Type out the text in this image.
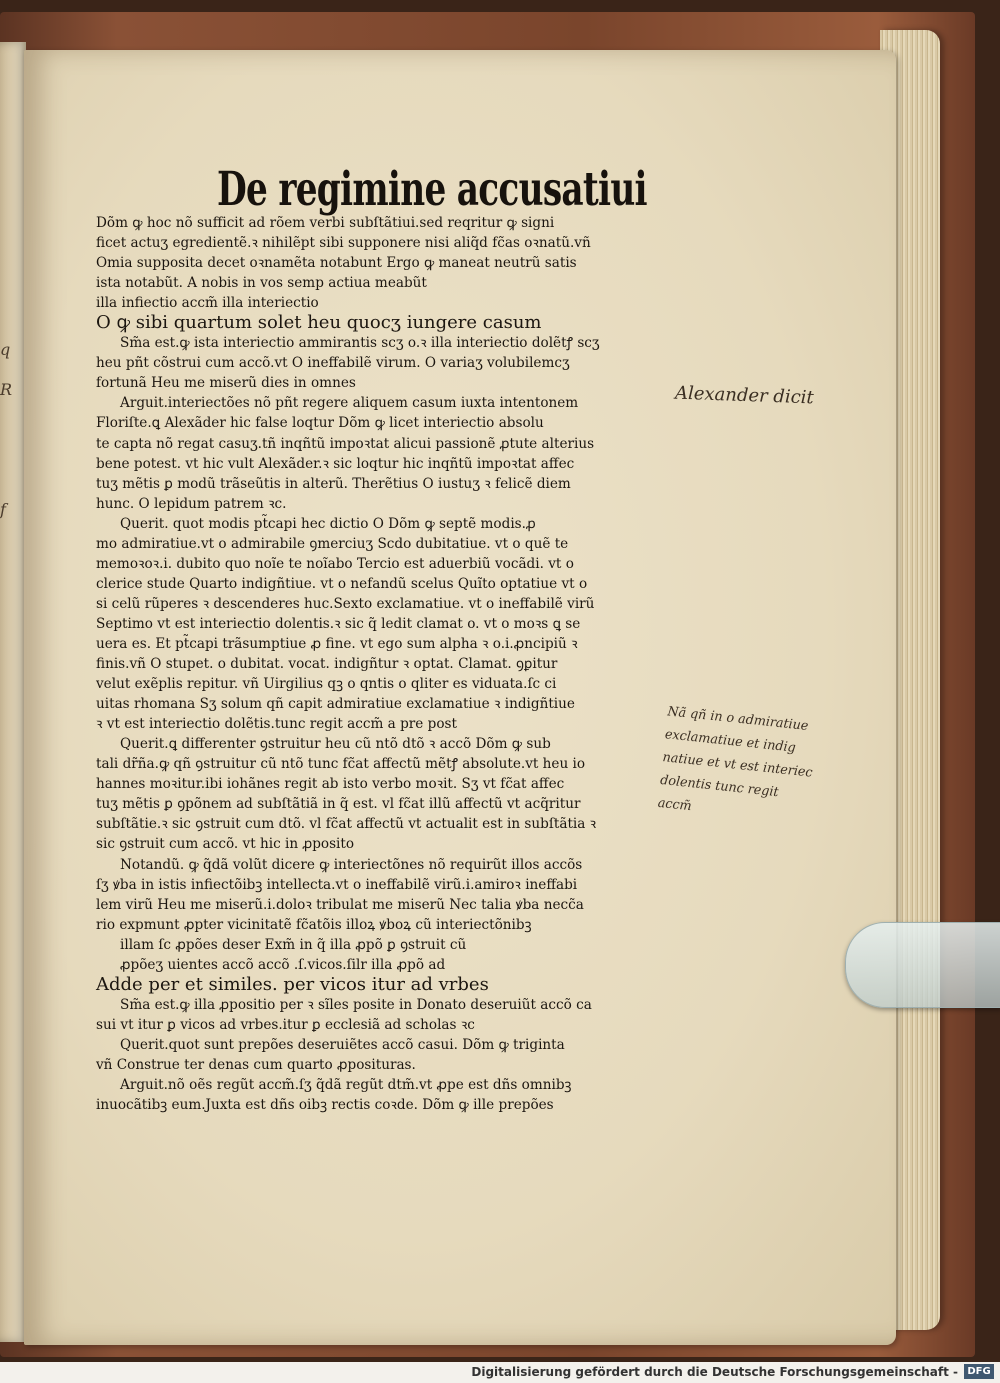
q
R
f
De regimine accusatiui
Dõm ꝙ hoc nõ sufficit ad rõem verbi subſtãtiui.sed reqritur ꝙ signi
ficet actuʒ egredientẽ.ꝛ nihilẽpt sibi supponere nisi aliq̃d fc̃as oꝛnatũ.vñ
Omia supposita decet oꝛnamẽta notabunt Ergo ꝙ maneat neutrũ satis
ista notabũt. A nobis in vos semp actiua meabũt
illa infiectio accm̃ illa interiectio
O ꝙ sibi quartum solet heu quocʒ iungere casum
Sm̃a est.ꝙ ista interiectio ammirantis scʒ o.ꝛ illa interiectio dolẽtꝭ scʒ
heu pñt cõstrui cum accõ.vt O ineffabilẽ virum. O variaʒ volubilemcʒ
fortunã Heu me miserũ dies in omnes
Arguit.interiectões nõ pñt regere aliquem casum iuxta intentonem
Floriſte.ꝗ Alexãder hic false loqtur Dõm ꝙ licet interiectio absolu
te capta nõ regat casuʒ.tñ inqñtũ impoꝛtat alicui passionẽ ꝓtute alterius
bene potest. vt hic vult Alexãder.ꝛ sic loqtur hic inqñtũ impoꝛtat affec
tuʒ mẽtis ꝑ modũ trãseũtis in alterũ. Therẽtius O iustuʒ ꝛ felicẽ diem
hunc. O lepidum patrem ꝛc.
Querit. quot modis pt̃capi hec dictio O Dõm ꝙ septẽ modis.ꝓ
mo admiratiue.vt o admirabile ꝯmerciuʒ Scdo dubitatiue. vt o quẽ te
memoꝛoꝛ.i. dubito quo noĩe te noĩabo Tercio est aduerbiũ vocãdi. vt o
clerice stude Quarto indigñtiue. vt o nefandũ scelus Quĩto optatiue vt o
si celũ rũperes ꝛ descenderes huc.Sexto exclamatiue. vt o ineffabilẽ virũ
Septimo vt est interiectio dolentis.ꝛ sic q̃ ledit clamat o. vt o moꝛs ꝗ se
uera es. Et pt̃capi trãsumptiue ꝓ fine. vt ego sum alpha ꝛ o.i.ꝓncipiũ ꝛ
finis.vñ O stupet. o dubitat. vocat. indigñtur ꝛ optat. Clamat. ꝯꝑitur
velut exẽplis repitur. vñ Uirgilius qꝫ o qntis o qliter es viduata.ſc ci
uitas rhomana Sʒ solum qñ capit admiratiue exclamatiue ꝛ indigñtiue
ꝛ vt est interiectio dolẽtis.tunc regit accm̃ a pre post
Querit.ꝗ differenter ꝯstruitur heu cũ ntõ dtõ ꝛ accõ Dõm ꝙ sub
tali dr̃ña.ꝙ qñ ꝯstruitur cũ ntõ tunc fc̃at affectũ mẽtꝭ absolute.vt heu io
hannes moꝛitur.ibi iohãnes regit ab isto verbo moꝛit. Sʒ vt fc̃at affec
tuʒ mẽtis ꝑ ꝯpõnem ad subſtãtiã in q̃ est. vl fc̃at illũ affectũ vt acq̃ritur
subſtãtie.ꝛ sic ꝯstruit cum dtõ. vl fc̃at affectũ vt actualit est in subſtãtia ꝛ
sic ꝯstruit cum accõ. vt hic in ꝓposito
Notandũ. ꝙ q̃dã volũt dicere ꝙ interiectõnes nõ requirũt illos accõs
ſʒ ꝟba in istis infiectõibꝫ intellecta.vt o ineffabilẽ virũ.i.amiroꝛ ineffabi
lem virũ Heu me miserũ.i.doloꝛ tribulat me miserũ Nec talia ꝟba necc̃a
rio expmunt ꝓpter vicinitatẽ fc̃atõis illoꝝ ꝟboꝝ cũ interiectõnibꝫ
illam ſc ꝓpões deser Exm̃ in q̃ illa ꝓpõ ꝑ ꝯstruit cũ
ꝓpõeʒ uientes accõ accõ .ſ.vicos.ſilr illa ꝓpõ ad
Adde per et similes. per vicos itur ad vrbes
Sm̃a est.ꝙ illa ꝓpositio per ꝛ sĩles posite in Donato deseruiũt accõ ca
sui vt itur ꝑ vicos ad vrbes.itur ꝑ ecclesiã ad scholas ꝛc
Querit.quot sunt prepões deseruiẽtes accõ casui. Dõm ꝙ triginta
vñ Construe ter denas cum quarto ꝓposituras.
Arguit.nõ oẽs regũt accm̃.ſʒ q̃dã regũt dtm̃.vt ꝓpe est dñs omnibꝫ
inuocãtibꝫ eum.Juxta est dñs oibꝫ rectis coꝛde. Dõm ꝙ ille prepões
Alexander dicit
Nã qñ in o admiratiue
exclamatiue et indig
natiue et vt est interiec
dolentis tunc regit
accm̃
Digitalisierung gefördert durch die Deutsche Forschungsgemeinschaft - DFG
